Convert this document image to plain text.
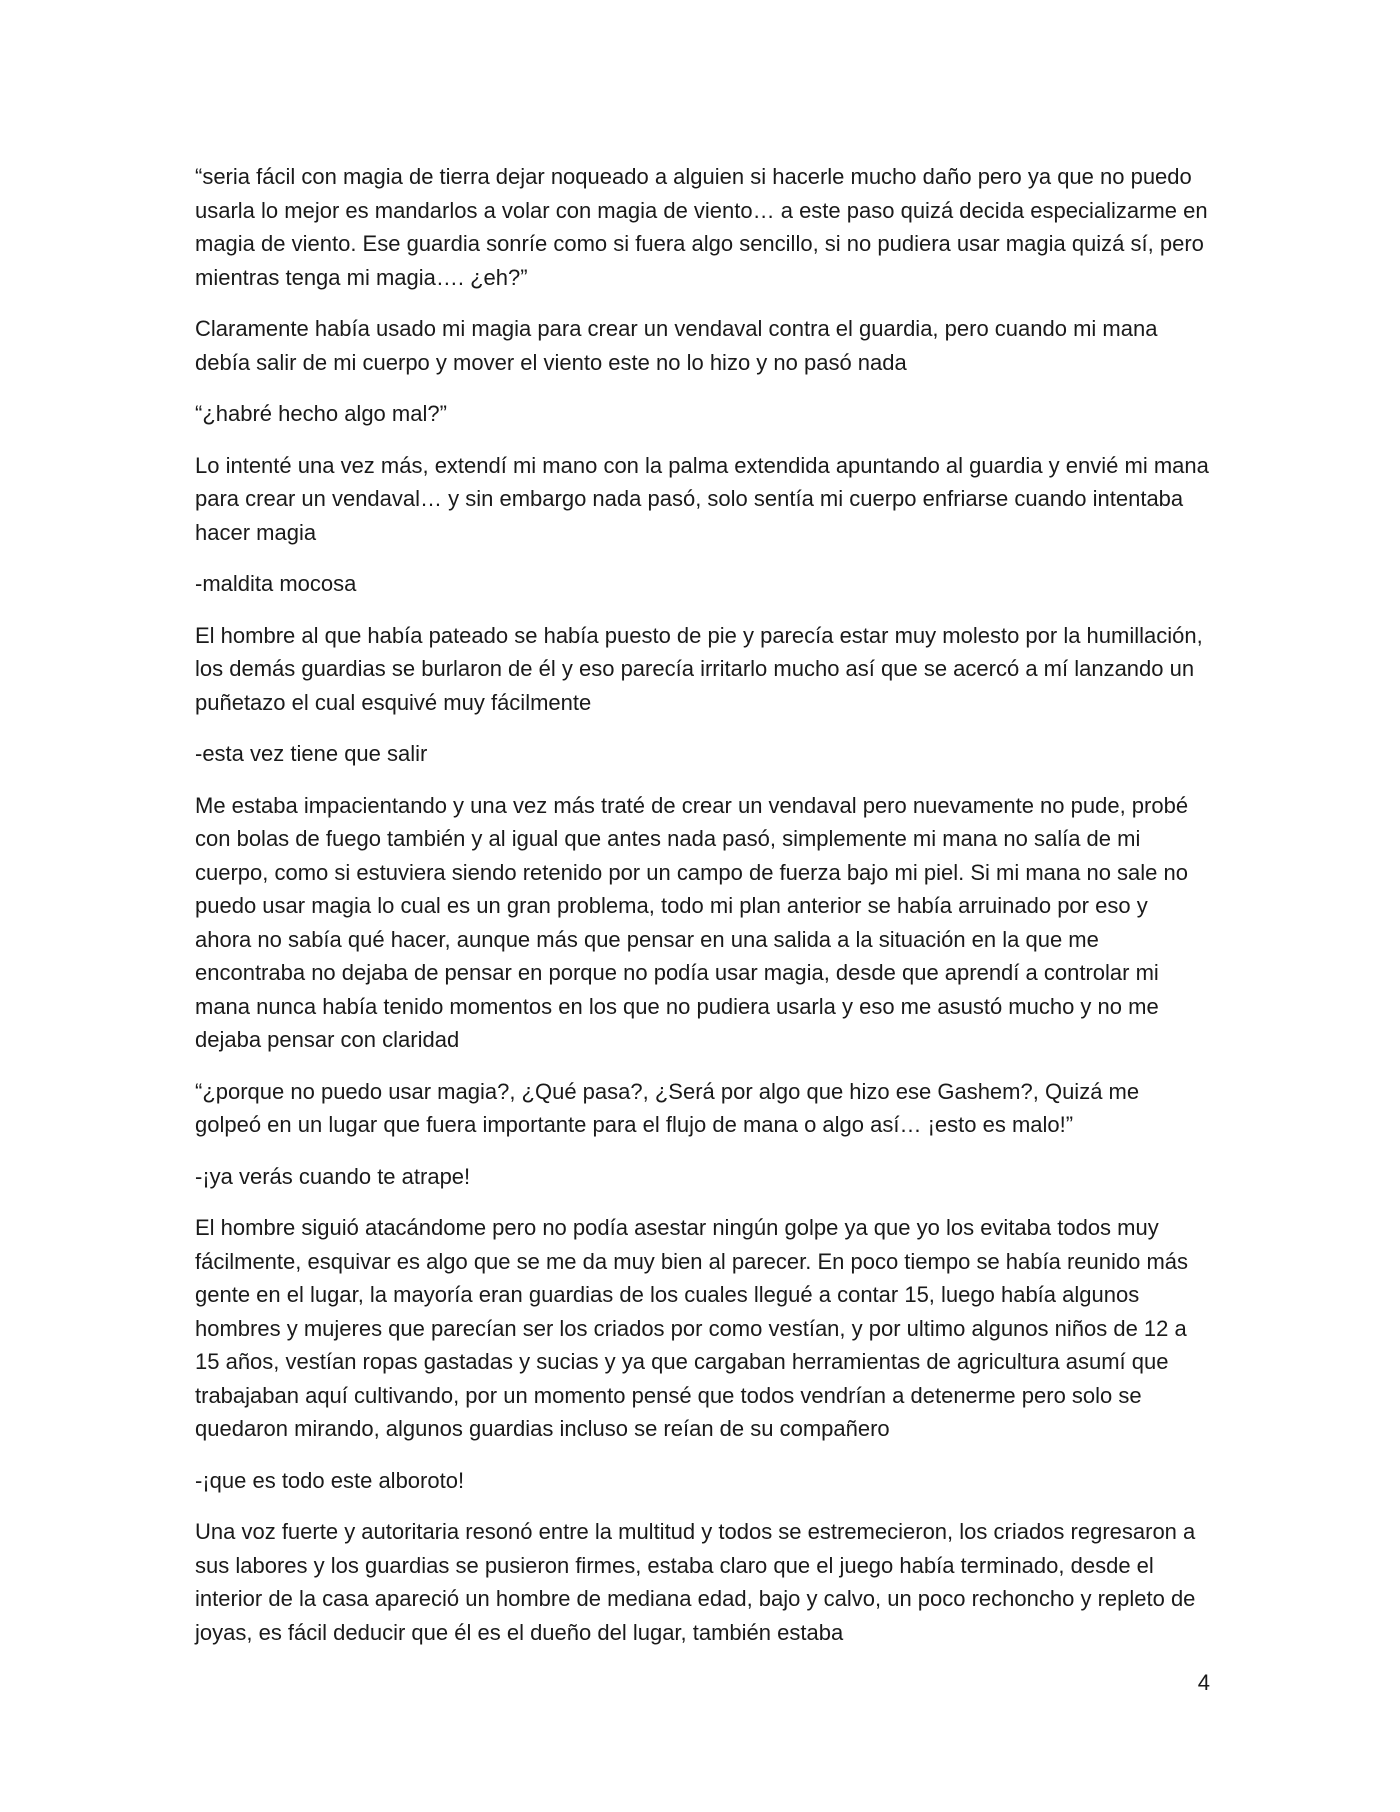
“seria fácil con magia de tierra dejar noqueado a alguien si hacerle mucho daño pero ya que no puedo usarla lo mejor es mandarlos a volar con magia de viento… a este paso quizá decida especializarme en magia de viento. Ese guardia sonríe como si fuera algo sencillo, si no pudiera usar magia quizá sí, pero mientras tenga mi magia…. ¿eh?”

Claramente había usado mi magia para crear un vendaval contra el guardia, pero cuando mi mana debía salir de mi cuerpo y mover el viento este no lo hizo y no pasó nada

“¿habré hecho algo mal?”

Lo intenté una vez más, extendí mi mano con la palma extendida apuntando al guardia y envié mi mana para crear un vendaval… y sin embargo nada pasó, solo sentía mi cuerpo enfriarse cuando intentaba hacer magia

-maldita mocosa

El hombre al que había pateado se había puesto de pie y parecía estar muy molesto por la humillación, los demás guardias se burlaron de él y eso parecía irritarlo mucho así que se acercó a mí lanzando un puñetazo el cual esquivé muy fácilmente

-esta vez tiene que salir

Me estaba impacientando y una vez más traté de crear un vendaval pero nuevamente no pude, probé con bolas de fuego también y al igual que antes nada pasó, simplemente mi mana no salía de mi cuerpo, como si estuviera siendo retenido por un campo de fuerza bajo mi piel. Si mi mana no sale no puedo usar magia lo cual es un gran problema, todo mi plan anterior se había arruinado por eso y ahora no sabía qué hacer, aunque más que pensar en una salida a la situación en la que me encontraba no dejaba de pensar en porque no podía usar magia, desde que aprendí a controlar mi mana nunca había tenido momentos en los que no pudiera usarla y eso me asustó mucho y no me dejaba pensar con claridad

“¿porque no puedo usar magia?, ¿Qué pasa?, ¿Será por algo que hizo ese Gashem?, Quizá me golpeó en un lugar que fuera importante para el flujo de mana o algo así… ¡esto es malo!”

-¡ya verás cuando te atrape!

El hombre siguió atacándome pero no podía asestar ningún golpe ya que yo los evitaba todos muy fácilmente, esquivar es algo que se me da muy bien al parecer. En poco tiempo se había reunido más gente en el lugar, la mayoría eran guardias de los cuales llegué a contar 15, luego había algunos hombres y mujeres que parecían ser los criados por como vestían, y por ultimo algunos niños de 12 a 15 años, vestían ropas gastadas y sucias y ya que cargaban herramientas de agricultura asumí que trabajaban aquí cultivando, por un momento pensé que todos vendrían a detenerme pero solo se quedaron mirando, algunos guardias incluso se reían de su compañero

-¡que es todo este alboroto!

Una voz fuerte y autoritaria resonó entre la multitud y todos se estremecieron, los criados regresaron a sus labores y los guardias se pusieron firmes, estaba claro que el juego había terminado, desde el interior de la casa apareció un hombre de mediana edad, bajo y calvo, un poco rechoncho y repleto de joyas, es fácil deducir que él es el dueño del lugar, también estaba

4
